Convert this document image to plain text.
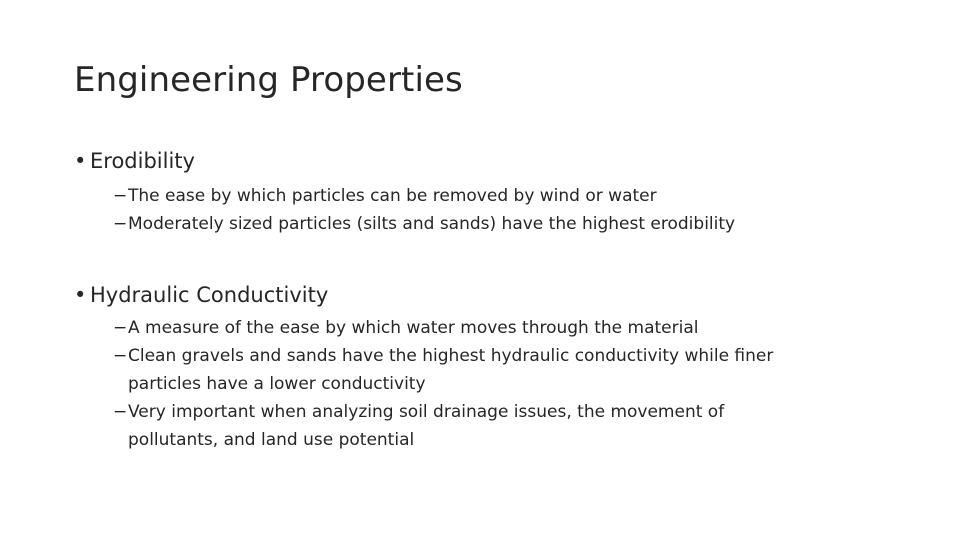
Engineering Properties
• Erodibility
− The ease by which particles can be removed by wind or water
− Moderately sized particles (silts and sands) have the highest erodibility
• Hydraulic Conductivity
− A measure of the ease by which water moves through the material
− Clean gravels and sands have the highest hydraulic conductivity while finer
particles have a lower conductivity
− Very important when analyzing soil drainage issues, the movement of
pollutants, and land use potential
